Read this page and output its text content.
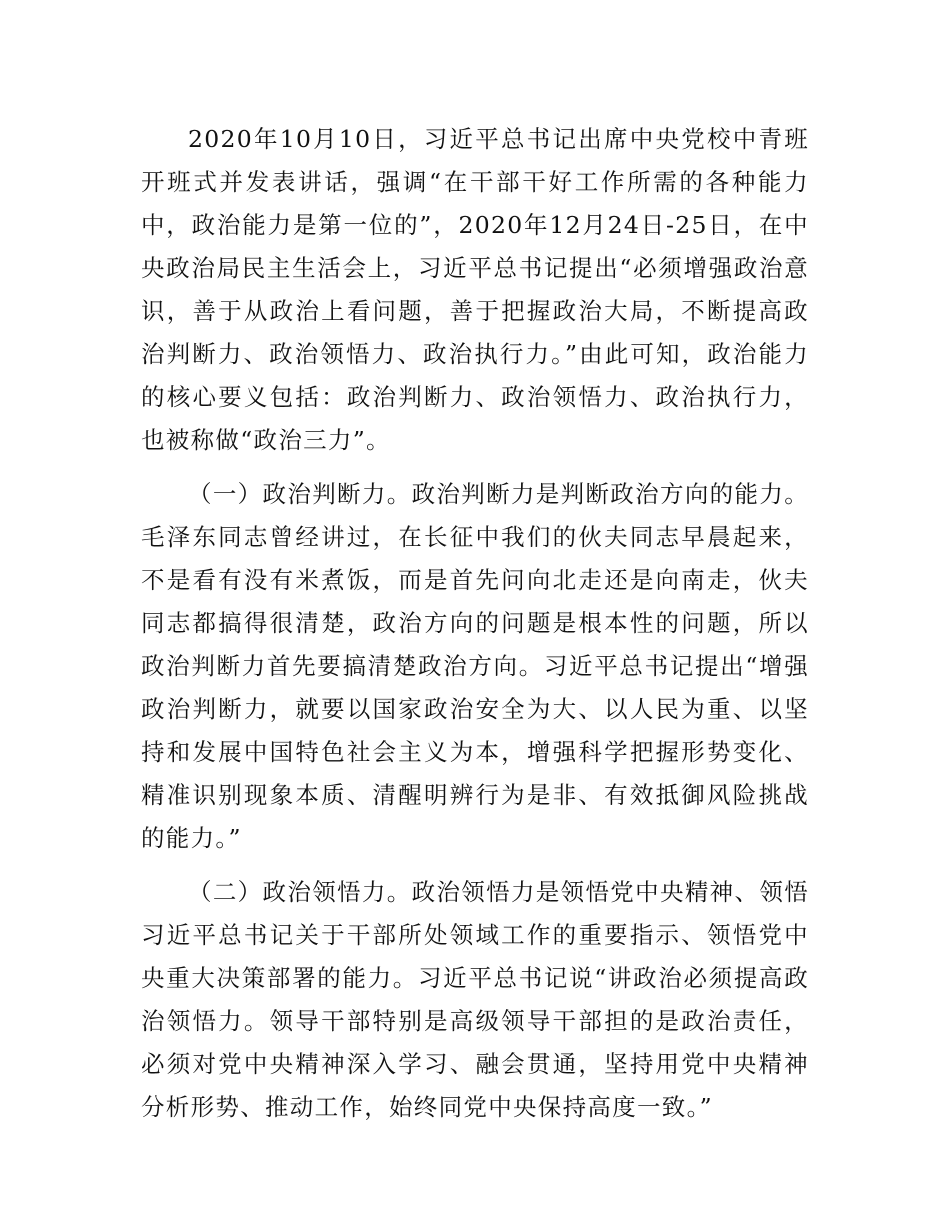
2020年10月10日，习近平总书记出席中央党校中青班开班式并发表讲话，强调“在干部干好工作所需的各种能力中，政治能力是第一位的”，2020年12月24日-25日，在中央政治局民主生活会上，习近平总书记提出“必须增强政治意识，善于从政治上看问题，善于把握政治大局，不断提高政治判断力、政治领悟力、政治执行力。”由此可知，政治能力的核心要义包括：政治判断力、政治领悟力、政治执行力，也被称做“政治三力”。

（一）政治判断力。政治判断力是判断政治方向的能力。毛泽东同志曾经讲过，在长征中我们的伙夫同志早晨起来，不是看有没有米煮饭，而是首先问向北走还是向南走，伙夫同志都搞得很清楚，政治方向的问题是根本性的问题，所以政治判断力首先要搞清楚政治方向。习近平总书记提出“增强政治判断力，就要以国家政治安全为大、以人民为重、以坚持和发展中国特色社会主义为本，增强科学把握形势变化、精准识别现象本质、清醒明辨行为是非、有效抵御风险挑战的能力。”

（二）政治领悟力。政治领悟力是领悟党中央精神、领悟习近平总书记关于干部所处领域工作的重要指示、领悟党中央重大决策部署的能力。习近平总书记说“讲政治必须提高政治领悟力。领导干部特别是高级领导干部担的是政治责任，必须对党中央精神深入学习、融会贯通，坚持用党中央精神分析形势、推动工作，始终同党中央保持高度一致。”
